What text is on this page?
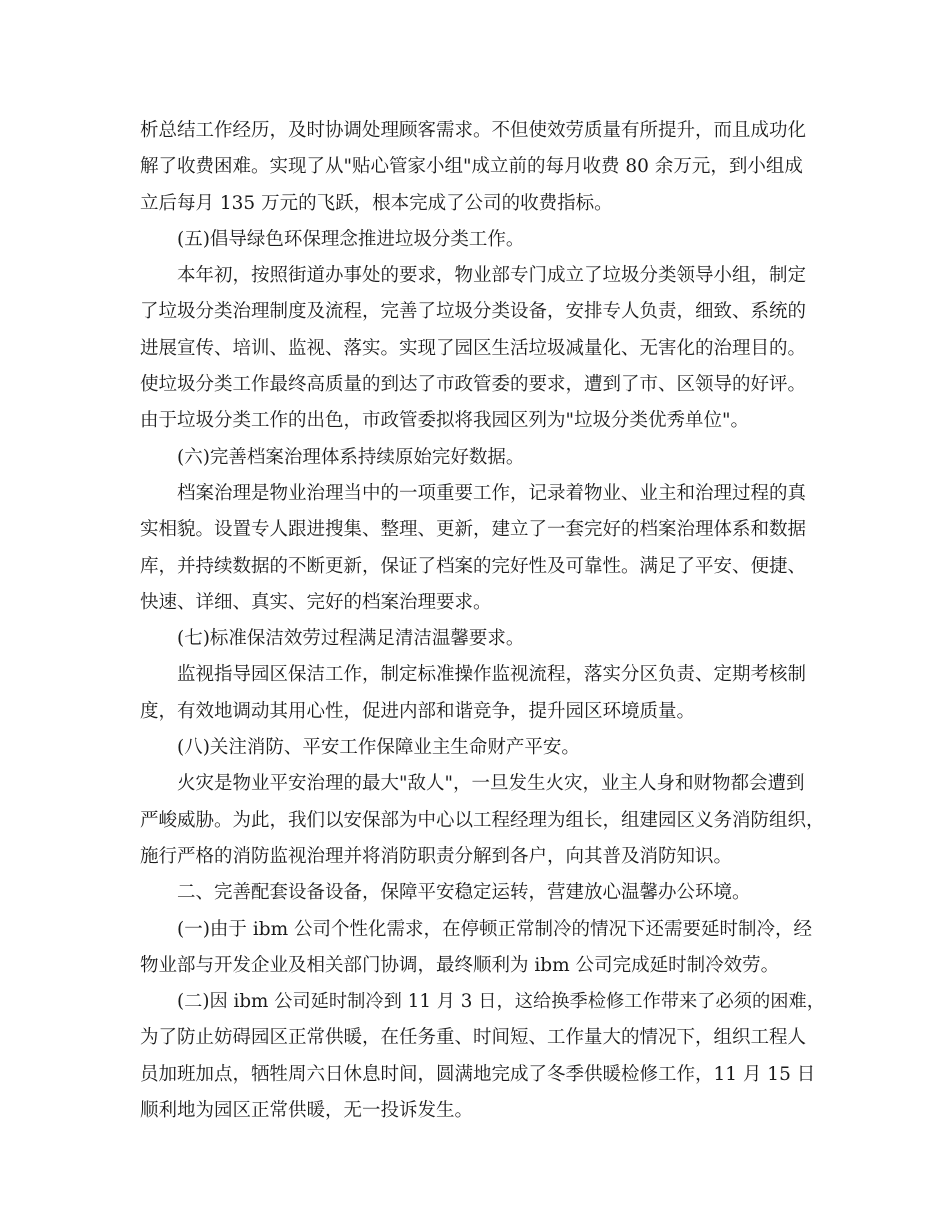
析总结工作经历，及时协调处理顾客需求。不但使效劳质量有所提升，而且成功化
解了收费困难。实现了从"贴心管家小组"成立前的每月收费 80 余万元，到小组成
立后每月 135 万元的飞跃，根本完成了公司的收费指标。
(五)倡导绿色环保理念推进垃圾分类工作。
本年初，按照街道办事处的要求，物业部专门成立了垃圾分类领导小组，制定
了垃圾分类治理制度及流程，完善了垃圾分类设备，安排专人负责，细致、系统的
进展宣传、培训、监视、落实。实现了园区生活垃圾减量化、无害化的治理目的。
使垃圾分类工作最终高质量的到达了市政管委的要求，遭到了市、区领导的好评。
由于垃圾分类工作的出色，市政管委拟将我园区列为"垃圾分类优秀单位"。
(六)完善档案治理体系持续原始完好数据。
档案治理是物业治理当中的一项重要工作，记录着物业、业主和治理过程的真
实相貌。设置专人跟进搜集、整理、更新，建立了一套完好的档案治理体系和数据
库，并持续数据的不断更新，保证了档案的完好性及可靠性。满足了平安、便捷、
快速、详细、真实、完好的档案治理要求。
(七)标准保洁效劳过程满足清洁温馨要求。
监视指导园区保洁工作，制定标准操作监视流程，落实分区负责、定期考核制
度，有效地调动其用心性，促进内部和谐竞争，提升园区环境质量。
(八)关注消防、平安工作保障业主生命财产平安。
火灾是物业平安治理的最大"敌人"，一旦发生火灾，业主人身和财物都会遭到
严峻威胁。为此，我们以安保部为中心以工程经理为组长，组建园区义务消防组织，
施行严格的消防监视治理并将消防职责分解到各户，向其普及消防知识。
二、完善配套设备设备，保障平安稳定运转，营建放心温馨办公环境。
(一)由于 ibm 公司个性化需求，在停顿正常制冷的情况下还需要延时制冷，经
物业部与开发企业及相关部门协调，最终顺利为 ibm 公司完成延时制冷效劳。
(二)因 ibm 公司延时制冷到 11 月 3 日，这给换季检修工作带来了必须的困难，
为了防止妨碍园区正常供暖，在任务重、时间短、工作量大的情况下，组织工程人
员加班加点，牺牲周六日休息时间，圆满地完成了冬季供暖检修工作，11 月 15 日
顺利地为园区正常供暖，无一投诉发生。
